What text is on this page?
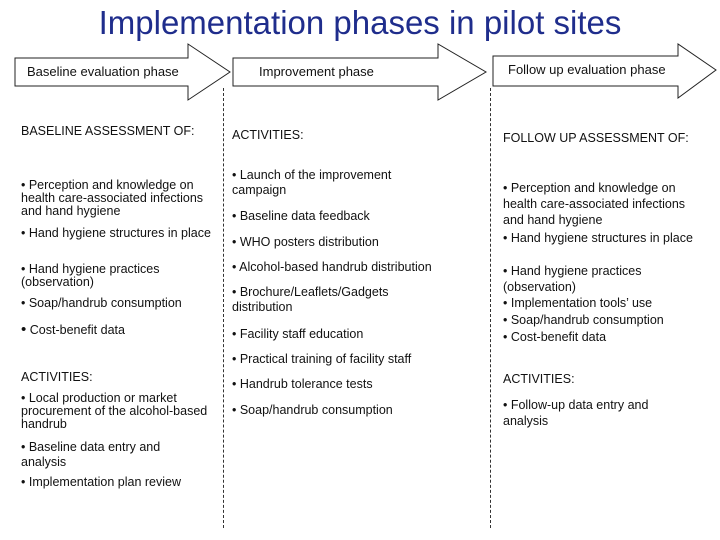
Implementation phases in pilot sites
Baseline evaluation phase	Improvement phase	Follow up evaluation phase
BASELINE ASSESSMENT OF:
• Perception and knowledge on health care-associated infections and hand hygiene
• Hand hygiene structures in place
• Hand hygiene practices (observation)
• Soap/handrub consumption
• Cost-benefit data
ACTIVITIES:
• Local production or market procurement of the alcohol-based handrub
• Baseline data entry and analysis
• Implementation plan review
ACTIVITIES:
• Launch of the improvement campaign
• Baseline data feedback
• WHO posters distribution
• Alcohol-based handrub distribution
• Brochure/Leaflets/Gadgets distribution
• Facility staff education
• Practical training of facility staff
• Handrub tolerance tests
• Soap/handrub consumption
FOLLOW UP ASSESSMENT OF:
• Perception and knowledge on health care-associated infections and hand hygiene
• Hand hygiene structures in place
• Hand hygiene practices (observation)
• Implementation tools’ use
• Soap/handrub consumption
• Cost-benefit data
ACTIVITIES:
• Follow-up data entry and analysis
